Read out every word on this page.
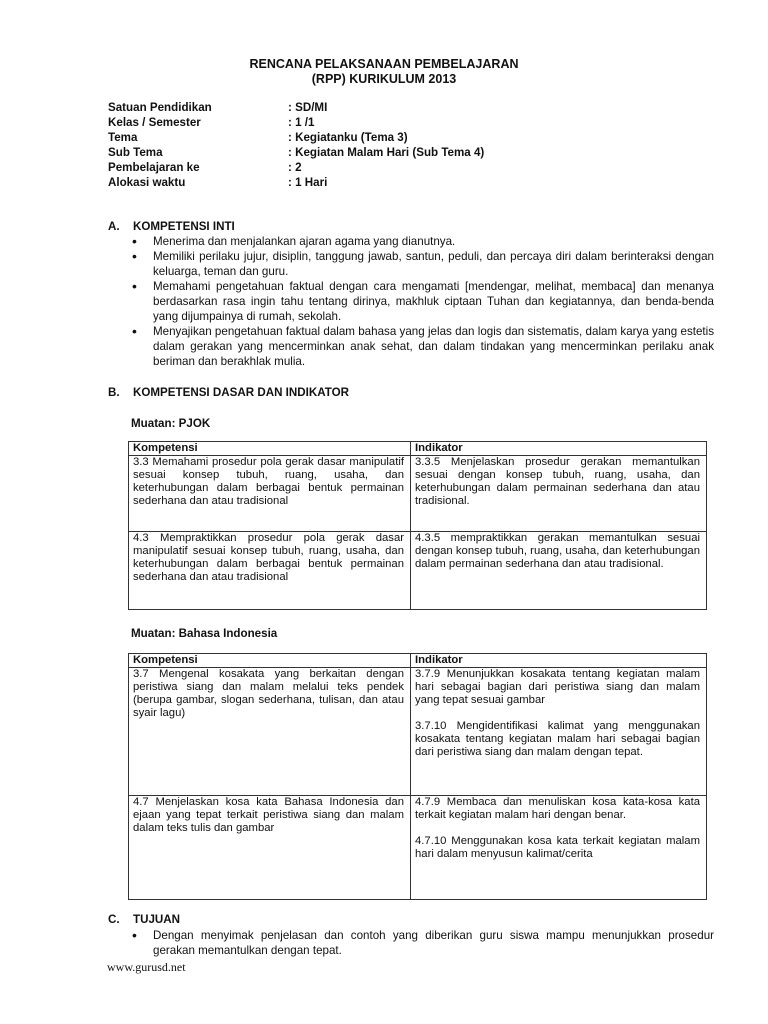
RENCANA PELAKSANAAN PEMBELAJARAN
(RPP) KURIKULUM 2013
Satuan Pendidikan	: SD/MI
Kelas / Semester	: 1 /1
Tema	: Kegiatanku (Tema 3)
Sub Tema	: Kegiatan Malam Hari (Sub Tema 4)
Pembelajaran ke	: 2
Alokasi waktu	: 1 Hari
A. KOMPETENSI INTI
• Menerima dan menjalankan ajaran agama yang dianutnya.
• Memiliki perilaku jujur, disiplin, tanggung jawab, santun, peduli, dan percaya diri dalam berinteraksi dengan keluarga, teman dan guru.
• Memahami pengetahuan faktual dengan cara mengamati [mendengar, melihat, membaca] dan menanya berdasarkan rasa ingin tahu tentang dirinya, makhluk ciptaan Tuhan dan kegiatannya, dan benda-benda yang dijumpainya di rumah, sekolah.
• Menyajikan pengetahuan faktual dalam bahasa yang jelas dan logis dan sistematis, dalam karya yang estetis dalam gerakan yang mencerminkan anak sehat, dan dalam tindakan yang mencerminkan perilaku anak beriman dan berakhlak mulia.
B. KOMPETENSI DASAR DAN INDIKATOR
Muatan: PJOK
Kompetensi	Indikator

3.3 Memahami prosedur pola gerak dasar manipulatif sesuai konsep tubuh, ruang, usaha, dan keterhubungan dalam berbagai bentuk permainan sederhana dan atau tradisional	3.3.5 Menjelaskan prosedur gerakan memantulkan sesuai dengan konsep tubuh, ruang, usaha, dan keterhubungan dalam permainan sederhana dan atau tradisional.

4.3 Mempraktikkan prosedur pola gerak dasar manipulatif sesuai konsep tubuh, ruang, usaha, dan keterhubungan dalam berbagai bentuk permainan sederhana dan atau tradisional	4.3.5 mempraktikkan gerakan memantulkan sesuai dengan konsep tubuh, ruang, usaha, dan keterhubungan dalam permainan sederhana dan atau tradisional.

Muatan: Bahasa Indonesia
Kompetensi	Indikator

3.7 Mengenal kosakata yang berkaitan dengan peristiwa siang dan malam melalui teks pendek (berupa gambar, slogan sederhana, tulisan, dan atau syair lagu)	3.7.9 Menunjukkan kosakata tentang kegiatan malam hari sebagai bagian dari peristiwa siang dan malam yang tepat sesuai gambar

3.7.10 Mengidentifikasi kalimat yang menggunakan kosakata tentang kegiatan malam hari sebagai bagian dari peristiwa siang dan malam dengan tepat.

4.7 Menjelaskan kosa kata Bahasa Indonesia dan ejaan yang tepat terkait peristiwa siang dan malam dalam teks tulis dan gambar	4.7.9 Membaca dan menuliskan kosa kata-kosa kata terkait kegiatan malam hari dengan benar.

4.7.10 Menggunakan kosa kata terkait kegiatan malam hari dalam menyusun kalimat/cerita

C. TUJUAN
• Dengan menyimak penjelasan dan contoh yang diberikan guru siswa mampu menunjukkan prosedur gerakan memantulkan dengan tepat.
www.gurusd.net
